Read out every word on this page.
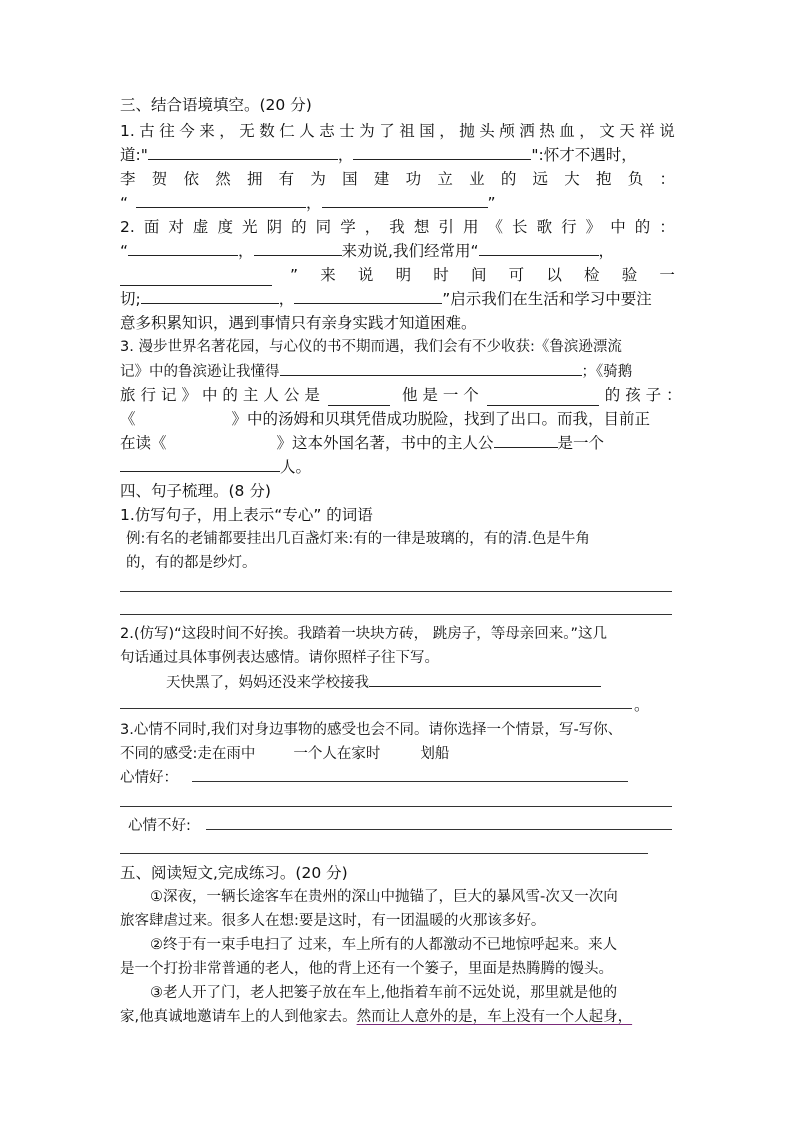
三、结合语境填空。(20 分)
1. 古 往 今 来 ， 无 数 仁 人 志 士 为 了 祖 国 ， 抛 头 颅 洒 热 血 ， 文 天 祥 说
道:"	，	":怀才不遇时，
李 贺 依 然 拥 有 为 国 建 功 立 业 的 远 大 抱 负 ：
“	，	”
2. 面 对 虚 度 光 阴 的 同 学 ， 我 想 引 用 《 长 歌 行 》 中 的 ：
“	，	来劝说,我们经常用“	，
” 来 说 明 时 间 可 以 检 验 一
切;	，	”启示我们在生活和学习中要注
意多积累知识，遇到事情只有亲身实践才知道困难。
3. 漫步世界名著花园，与心仪的书不期而遇，我们会有不少收获:《鲁滨逊漂流
记》中的鲁滨逊让我懂得	；《骑鹅
旅 行 记 》 中 的 主 人 公 是	他 是 一 个	的 孩 子 ：
《	》中的汤姆和贝琪凭借成功脱险，找到了出口。而我，目前正
在读《	》这本外国名著，书中的主人公	是一个
人。
四、句子梳理。(8 分)
1.仿写句子，用上表示“专心” 的词语
例:有名的老铺都要挂出几百盏灯来:有的一律是玻璃的，有的清.色是牛角
的，有的都是纱灯。
2.(仿写)“这段时间不好挨。我踏着一块块方砖， 跳房子，等母亲回来。”这几
句话通过具体事例表达感情。请你照样子往下写。
天快黑了，妈妈还没来学校接我
。
3.心情不同时,我们对身边事物的感受也会不同。请你选择一个情景，写-写你、
不同的感受:走在雨中	一个人在家时	划船
心情好：
心情不好:
五、阅读短文,完成练习。(20 分)
①深夜，一辆长途客车在贵州的深山中抛锚了，巨大的暴风雪-次又一次向
旅客肆虐过来。很多人在想:要是这时，有一团温暖的火那该多好。
②终于有一束手电扫了 过来，车上所有的人都激动不已地惊呼起来。来人
是一个打扮非常普通的老人，他的背上还有一个篓子，里面是热腾腾的馒头。
③老人开了门，老人把篓子放在车上,他指着车前不远处说，那里就是他的
家,他真诚地邀请车上的人到他家去。然而让人意外的是，车上没有一个人起身，
